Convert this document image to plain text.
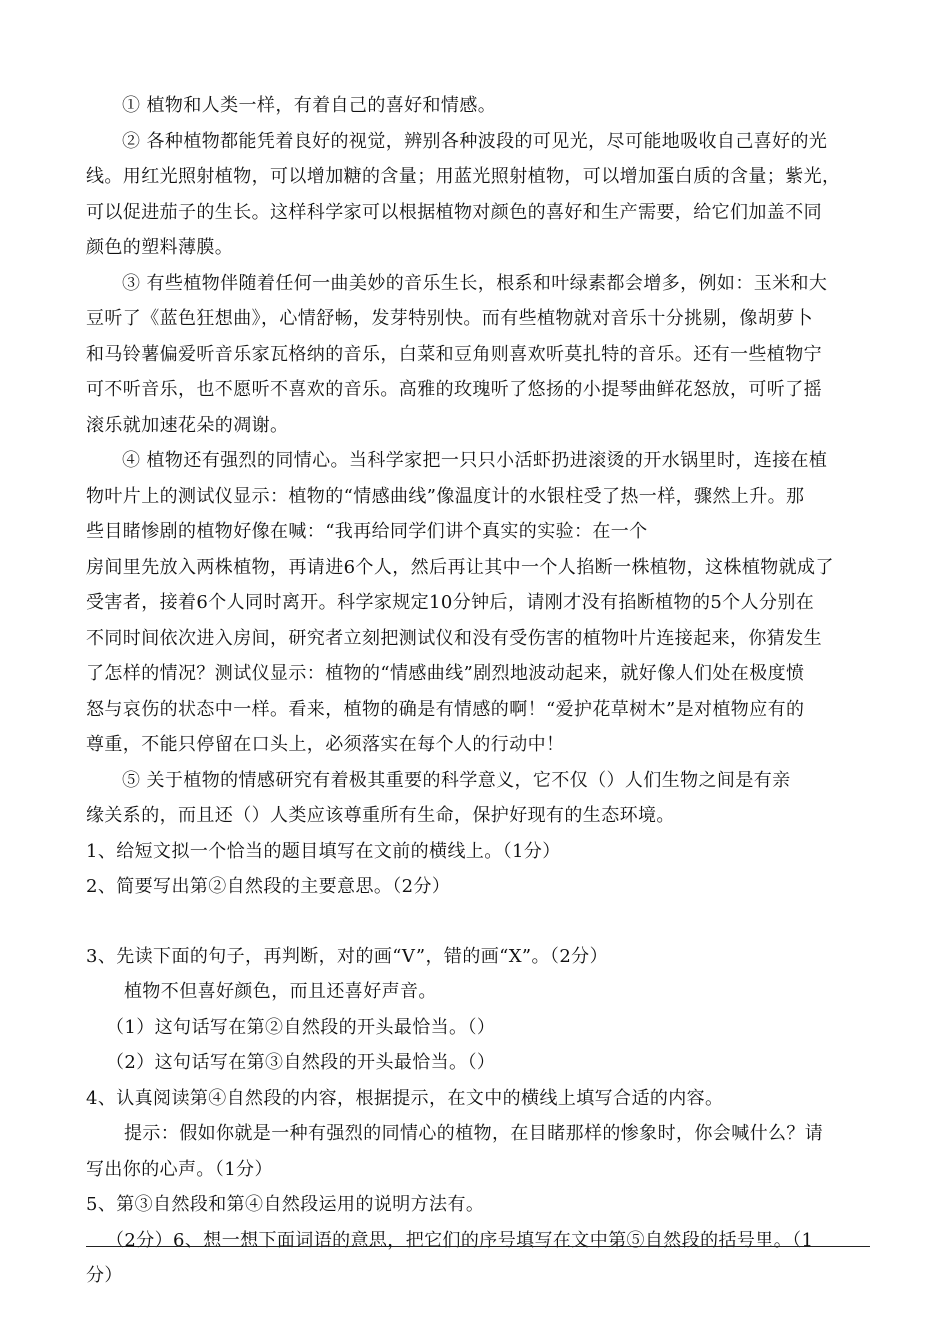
① 植物和人类一样，有着自己的喜好和情感。

② 各种植物都能凭着良好的视觉，辨别各种波段的可见光，尽可能地吸收自己喜好的光

线。用红光照射植物，可以增加糖的含量；用蓝光照射植物，可以增加蛋白质的含量；紫光，

可以促进茄子的生长。这样科学家可以根据植物对颜色的喜好和生产需要，给它们加盖不同

颜色的塑料薄膜。

③ 有些植物伴随着任何一曲美妙的音乐生长，根系和叶绿素都会增多，例如：玉米和大

豆听了《蓝色狂想曲》，心情舒畅，发芽特别快。而有些植物就对音乐十分挑剔，像胡萝卜

和马铃薯偏爱听音乐家瓦格纳的音乐，白菜和豆角则喜欢听莫扎特的音乐。还有一些植物宁

可不听音乐，也不愿听不喜欢的音乐。高雅的玫瑰听了悠扬的小提琴曲鲜花怒放，可听了摇

滚乐就加速花朵的凋谢。

④ 植物还有强烈的同情心。当科学家把一只只小活虾扔进滚烫的开水锅里时，连接在植

物叶片上的测试仪显示：植物的“情感曲线”像温度计的水银柱受了热一样，骤然上升。那

些目睹惨剧的植物好像在喊：“我再给同学们讲个真实的实验：在一个

房间里先放入两株植物，再请进6个人，然后再让其中一个人掐断一株植物，这株植物就成了

受害者，接着6个人同时离开。科学家规定10分钟后，请刚才没有掐断植物的5个人分别在

不同时间依次进入房间，研究者立刻把测试仪和没有受伤害的植物叶片连接起来，你猜发生

了怎样的情况？测试仪显示：植物的“情感曲线”剧烈地波动起来，就好像人们处在极度愤

怒与哀伤的状态中一样。看来，植物的确是有情感的啊！“爱护花草树木”是对植物应有的

尊重，不能只停留在口头上，必须落实在每个人的行动中！

⑤ 关于植物的情感研究有着极其重要的科学意义，它不仅（）人们生物之间是有亲

缘关系的，而且还（）人类应该尊重所有生命，保护好现有的生态环境。

1、给短文拟一个恰当的题目填写在文前的横线上。（1分）

2、简要写出第②自然段的主要意思。（2分）

3、先读下面的句子，再判断，对的画“V”，错的画“X”。（2分）

植物不但喜好颜色，而且还喜好声音。

（1）这句话写在第②自然段的开头最恰当。（）

（2）这句话写在第③自然段的开头最恰当。（）

4、认真阅读第④自然段的内容，根据提示，在文中的横线上填写合适的内容。

提示：假如你就是一种有强烈的同情心的植物，在目睹那样的惨象时，你会喊什么？请

写出你的心声。（1分）

5、第③自然段和第④自然段运用的说明方法有。

（2分）6、想一想下面词语的意思，把它们的序号填写在文中第⑤自然段的括号里。（1

分）
